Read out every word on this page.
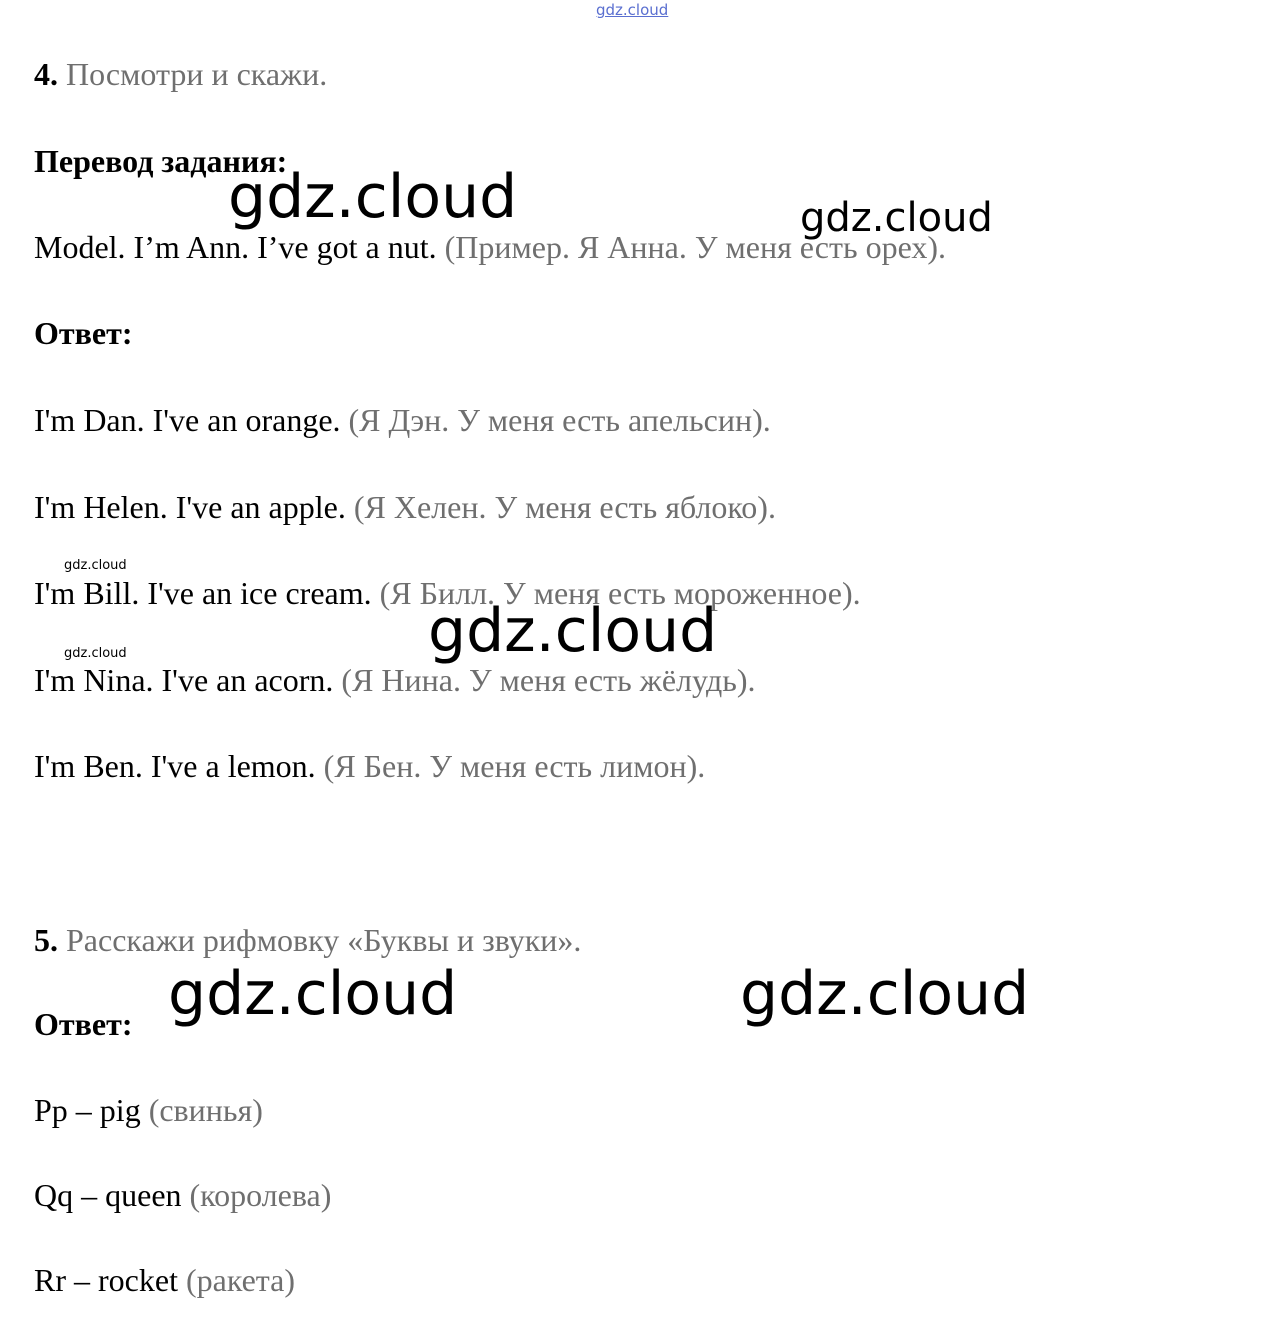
gdz.cloud
4. Посмотри и скажи.
Перевод задания:
Model. I’m Ann. I’ve got a nut. (Пример. Я Анна. У меня есть орех).
Ответ:
I'm Dan. I've an orange. (Я Дэн. У меня есть апельсин).
I'm Helen. I've an apple. (Я Хелен. У меня есть яблоко).
I'm Bill. I've an ice cream. (Я Билл. У меня есть мороженное).
I'm Nina. I've an acorn. (Я Нина. У меня есть жёлудь).
I'm Ben. I've a lemon. (Я Бен. У меня есть лимон).
5. Расскажи рифмовку «Буквы и звуки».
Ответ:
Pp – pig (свинья)
Qq – queen (королева)
Rr – rocket (ракета)
gdz.cloud	gdz.cloud
gdz.cloud
gdz.cloud
gdz.cloud
gdz.cloud	gdz.cloud
